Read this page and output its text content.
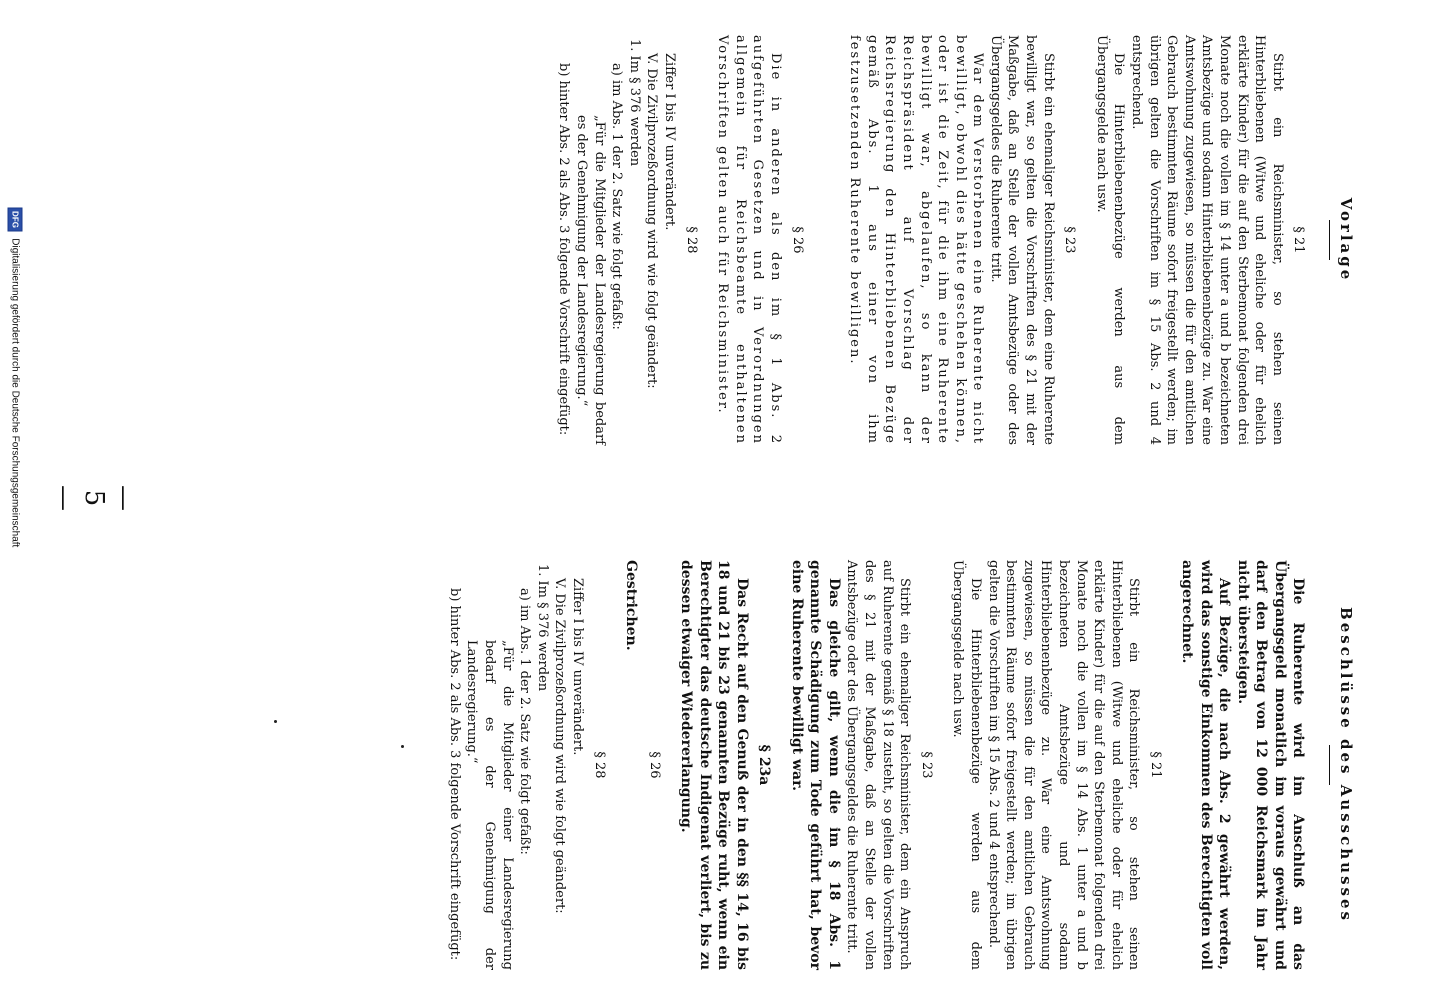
— 5 —
Vorlage
§ 21

Stirbt ein Reichsminister, so stehen seinen Hinterbliebenen (Witwe und eheliche oder für ehelich erklärte Kinder) für die auf den Sterbemonat folgenden drei Monate noch die vollen im § 14 unter a und b bezeichneten Amtsbezüge und sodann Hinterbliebenenbezüge zu. War eine Amtswohnung zugewiesen, so müssen die für den amtlichen Gebrauch bestimmten Räume sofort freigestellt werden; im übrigen gelten die Vorschriften im § 15 Abs. 2 und 4 entsprechend.

Die Hinterbliebenenbezüge werden aus dem Übergangsgelde nach usw.

§ 23

Stirbt ein ehemaliger Reichsminister, dem eine Ruherente bewilligt war, so gelten die Vorschriften des § 21 mit der Maßgabe, daß an Stelle der vollen Amtsbezüge oder des Übergangsgeldes die Ruherente tritt.

War dem Verstorbenen eine Ruherente nicht bewilligt, obwohl dies hätte geschehen können, oder ist die Zeit, für die ihm eine Ruherente bewilligt war, abgelaufen, so kann der Reichspräsident auf Vorschlag der Reichsregierung den Hinterbliebenen Bezüge gemäß Abs. 1 aus einer von ihm festzusetzenden Ruherente bewilligen.

§ 26

Die in anderen als den im § 1 Abs. 2 aufgeführten Gesetzen und in Verordnungen allgemein für Reichsbeamte enthaltenen Vorschriften gelten auch für Reichsminister.

§ 28

Ziffer I bis IV unverändert.

V. Die Zivilprozeßordnung wird wie folgt geändert:

1. Im § 376 werden

a) im Abs. 1 der 2. Satz wie folgt gefaßt:

„Für die Mitglieder der Landesregierung bedarf es der Genehmigung der Landesregierung.“

b) hinter Abs. 2 als Abs. 3 folgende Vorschrift eingefügt:

Beschlüsse des Ausschusses

Die Ruherente wird im Anschluß an das Übergangsgeld monatlich im voraus gewährt und darf den Betrag von 12 000 Reichsmark im Jahr nicht übersteigen.

Auf Bezüge, die nach Abs. 2 gewährt werden, wird das sonstige Einkommen des Berechtigten voll angerechnet.

§ 21

Stirbt ein Reichsminister, so stehen seinen Hinterbliebenen (Witwe und eheliche oder für ehelich erklärte Kinder) für die auf den Sterbemonat folgenden drei Monate noch die vollen im § 14 Abs. 1 unter a und b bezeichneten Amtsbezüge und sodann Hinterbliebenenbezüge zu. War eine Amtswohnung zugewiesen, so müssen die für den amtlichen Gebrauch bestimmten Räume sofort freigestellt werden; im übrigen gelten die Vorschriften im § 15 Abs. 2 und 4 entsprechend.

Die Hinterbliebenenbezüge werden aus dem Übergangsgelde nach usw.

§ 23

Stirbt ein ehemaliger Reichsminister, dem ein Anspruch auf Ruherente gemäß § 18 zusteht, so gelten die Vorschriften des § 21 mit der Maßgabe, daß an Stelle der vollen Amtsbezüge oder des Übergangsgeldes die Ruherente tritt.

Das gleiche gilt, wenn die im § 18 Abs. 1 genannte Schädigung zum Tode geführt hat, bevor eine Ruherente bewilligt war.

§ 23a

Das Recht auf den Genuß der in den §§ 14, 16 bis 18 und 21 bis 23 genannten Bezüge ruht, wenn ein Berechtigter das deutsche Indigenat verliert, bis zu dessen etwaiger Wiedererlangung.

§ 26
Gestrichen.
§ 28

Ziffer I bis IV unverändert.

V. Die Zivilprozeßordnung wird wie folgt geändert:

1. Im § 376 werden

a) im Abs. 1 der 2. Satz wie folgt gefaßt:

„Für die Mitglieder einer Landesregierung bedarf es der Genehmigung der Landesregierung.“

b) hinter Abs. 2 als Abs. 3 folgende Vorschrift eingefügt:

DFG Digitalisierung gefördert durch die Deutsche Forschungsgemeinschaft
